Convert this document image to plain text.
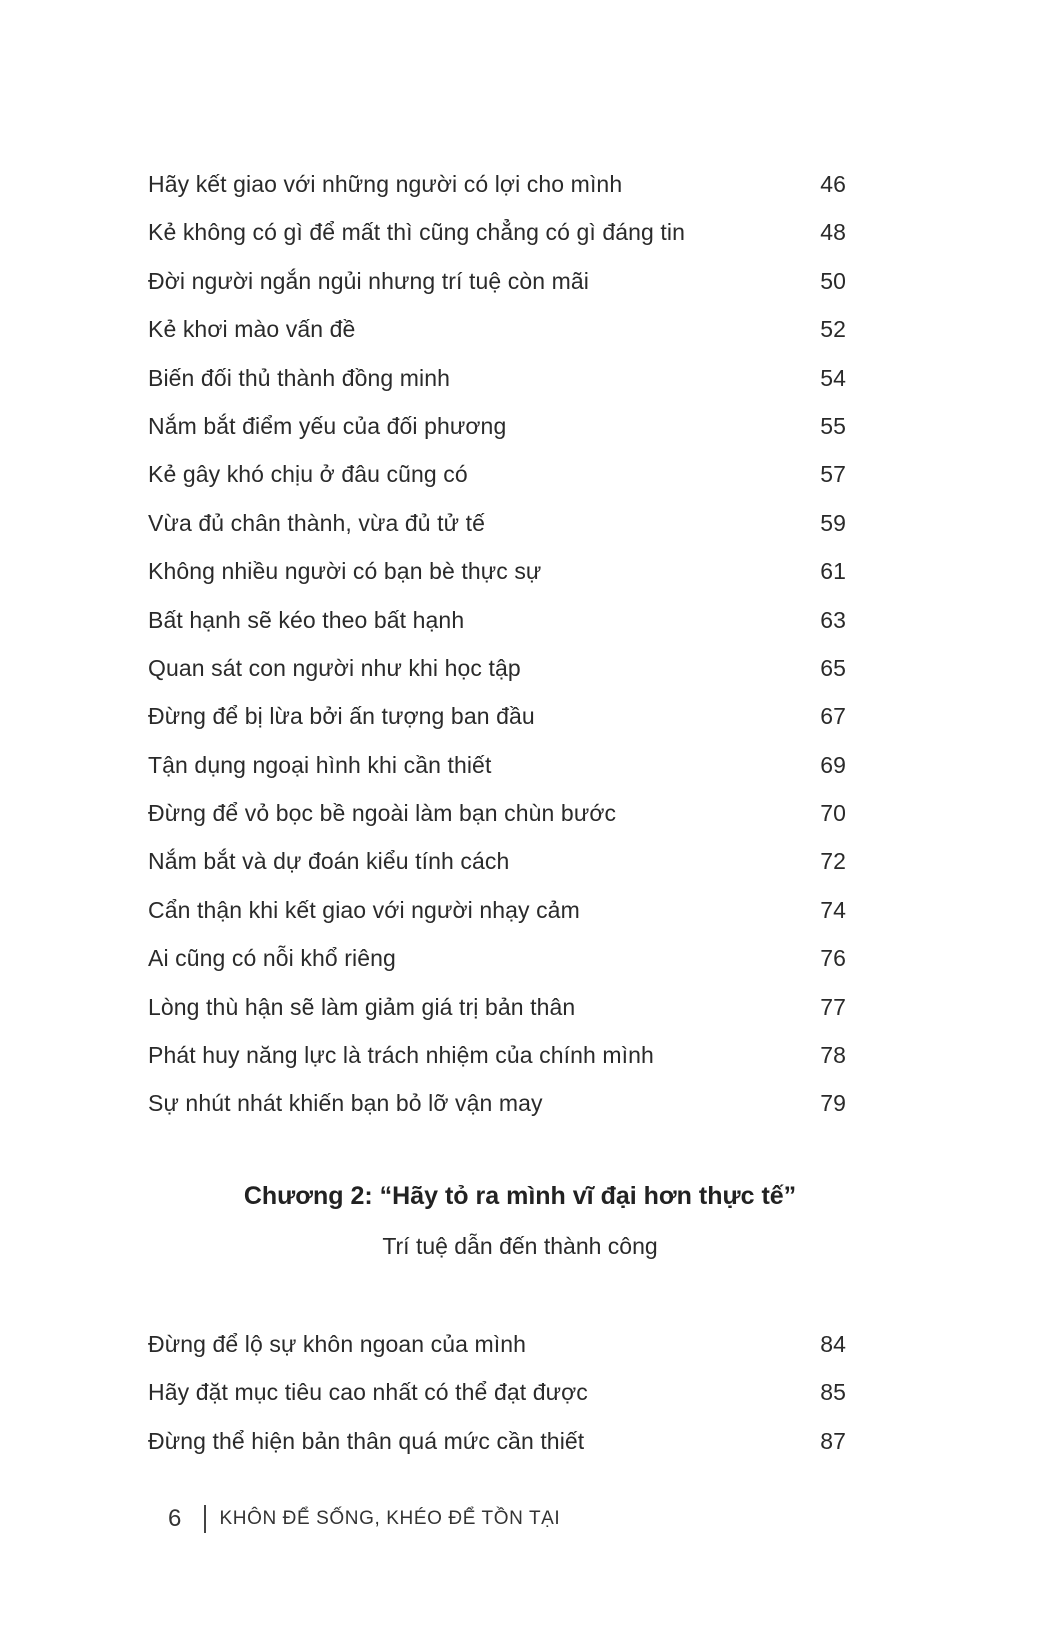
Hãy kết giao với những người có lợi cho mình	46
Kẻ không có gì để mất thì cũng chẳng có gì đáng tin	48
Đời người ngắn ngủi nhưng trí tuệ còn mãi	50
Kẻ khơi mào vấn đề	52
Biến đối thủ thành đồng minh	54
Nắm bắt điểm yếu của đối phương	55
Kẻ gây khó chịu ở đâu cũng có	57
Vừa đủ chân thành, vừa đủ tử tế	59
Không nhiều người có bạn bè thực sự	61
Bất hạnh sẽ kéo theo bất hạnh	63
Quan sát con người như khi học tập	65
Đừng để bị lừa bởi ấn tượng ban đầu	67
Tận dụng ngoại hình khi cần thiết	69
Đừng để vỏ bọc bề ngoài làm bạn chùn bước	70
Nắm bắt và dự đoán kiểu tính cách	72
Cẩn thận khi kết giao với người nhạy cảm	74
Ai cũng có nỗi khổ riêng	76
Lòng thù hận sẽ làm giảm giá trị bản thân	77
Phát huy năng lực là trách nhiệm của chính mình	78
Sự nhút nhát khiến bạn bỏ lỡ vận may	79
Chương 2: “Hãy tỏ ra mình vĩ đại hơn thực tế”
Trí tuệ dẫn đến thành công
Đừng để lộ sự khôn ngoan của mình	84
Hãy đặt mục tiêu cao nhất có thể đạt được	85
Đừng thể hiện bản thân quá mức cần thiết	87
6	KHÔN ĐỂ SỐNG, KHÉO ĐỂ TỒN TẠI
